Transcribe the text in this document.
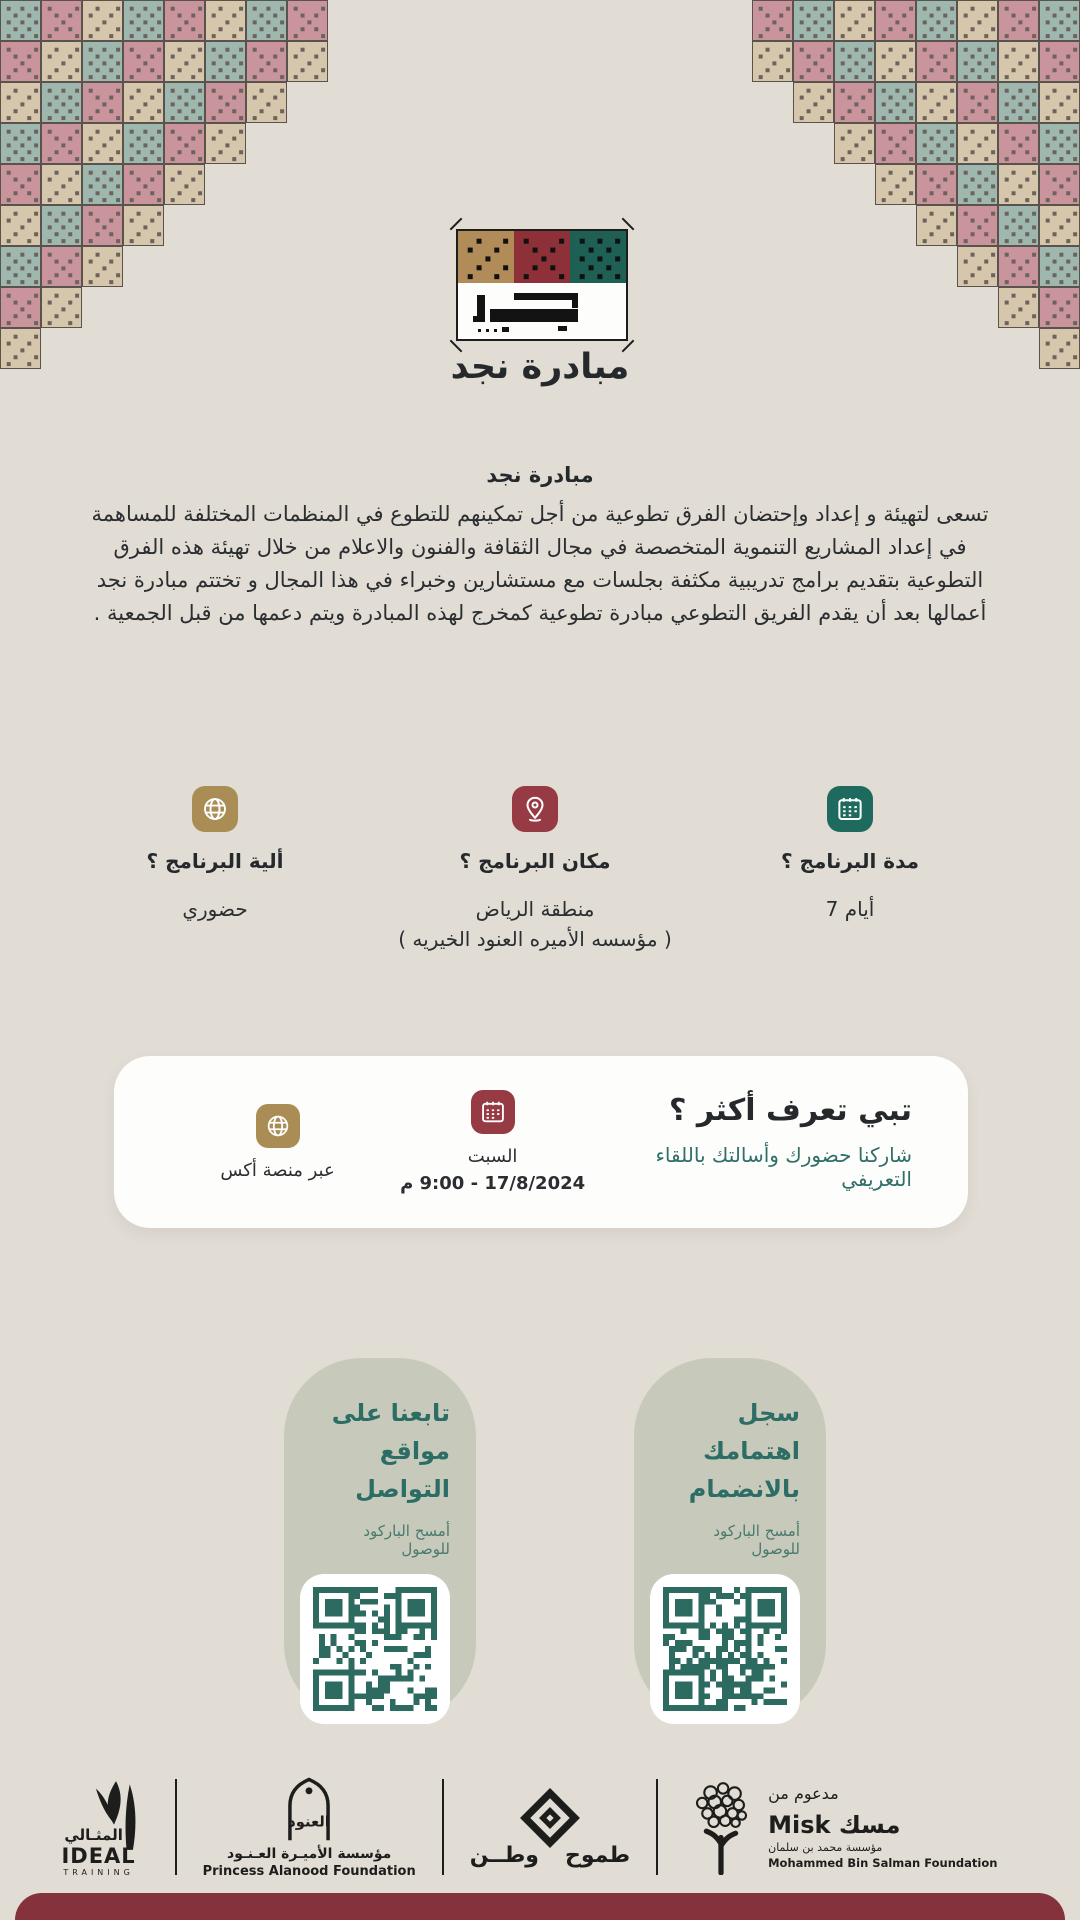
مبادرة نجد
مبادرة نجد
تسعى لتهيئة و إعداد وإحتضان الفرق تطوعية من أجل تمكينهم للتطوع في المنظمات المختلفة للمساهمة في إعداد المشاريع التنموية المتخصصة في مجال الثقافة والفنون والاعلام من خلال تهيئة هذه الفرق التطوعية بتقديم برامج تدريبية مكثفة بجلسات مع مستشارين وخبراء في هذا المجال و تختتم مبادرة نجد أعمالها بعد أن يقدم الفريق التطوعي مبادرة تطوعية كمخرج لهذه المبادرة ويتم دعمها من قبل الجمعية .
مدة البرنامج ؟
7 أيام
مكان البرنامج ؟
منطقة الرياض
( مؤسسه الأميره العنود الخيريه )
ألية البرنامج ؟
حضوري
تبي تعرف أكثر ؟
شاركنا حضورك وأسالتك باللقاء التعريفي
السبت
17/8/2024 - 9:00 م
عبر منصة أكس
سجل
اهتمامك
بالانضمام
أمسح الباركود للوصول
تابعنا على
مواقع
التواصل
أمسح الباركود للوصول
المثـالي
IDEAL
TRAINING
العنود
مؤسسة الأميـرة العـنـود
Princess Alanood Foundation
وطــن طموح
مدعوم من
مسك Misk
مؤسسة محمد بن سلمان
Mohammed Bin Salman Foundation
